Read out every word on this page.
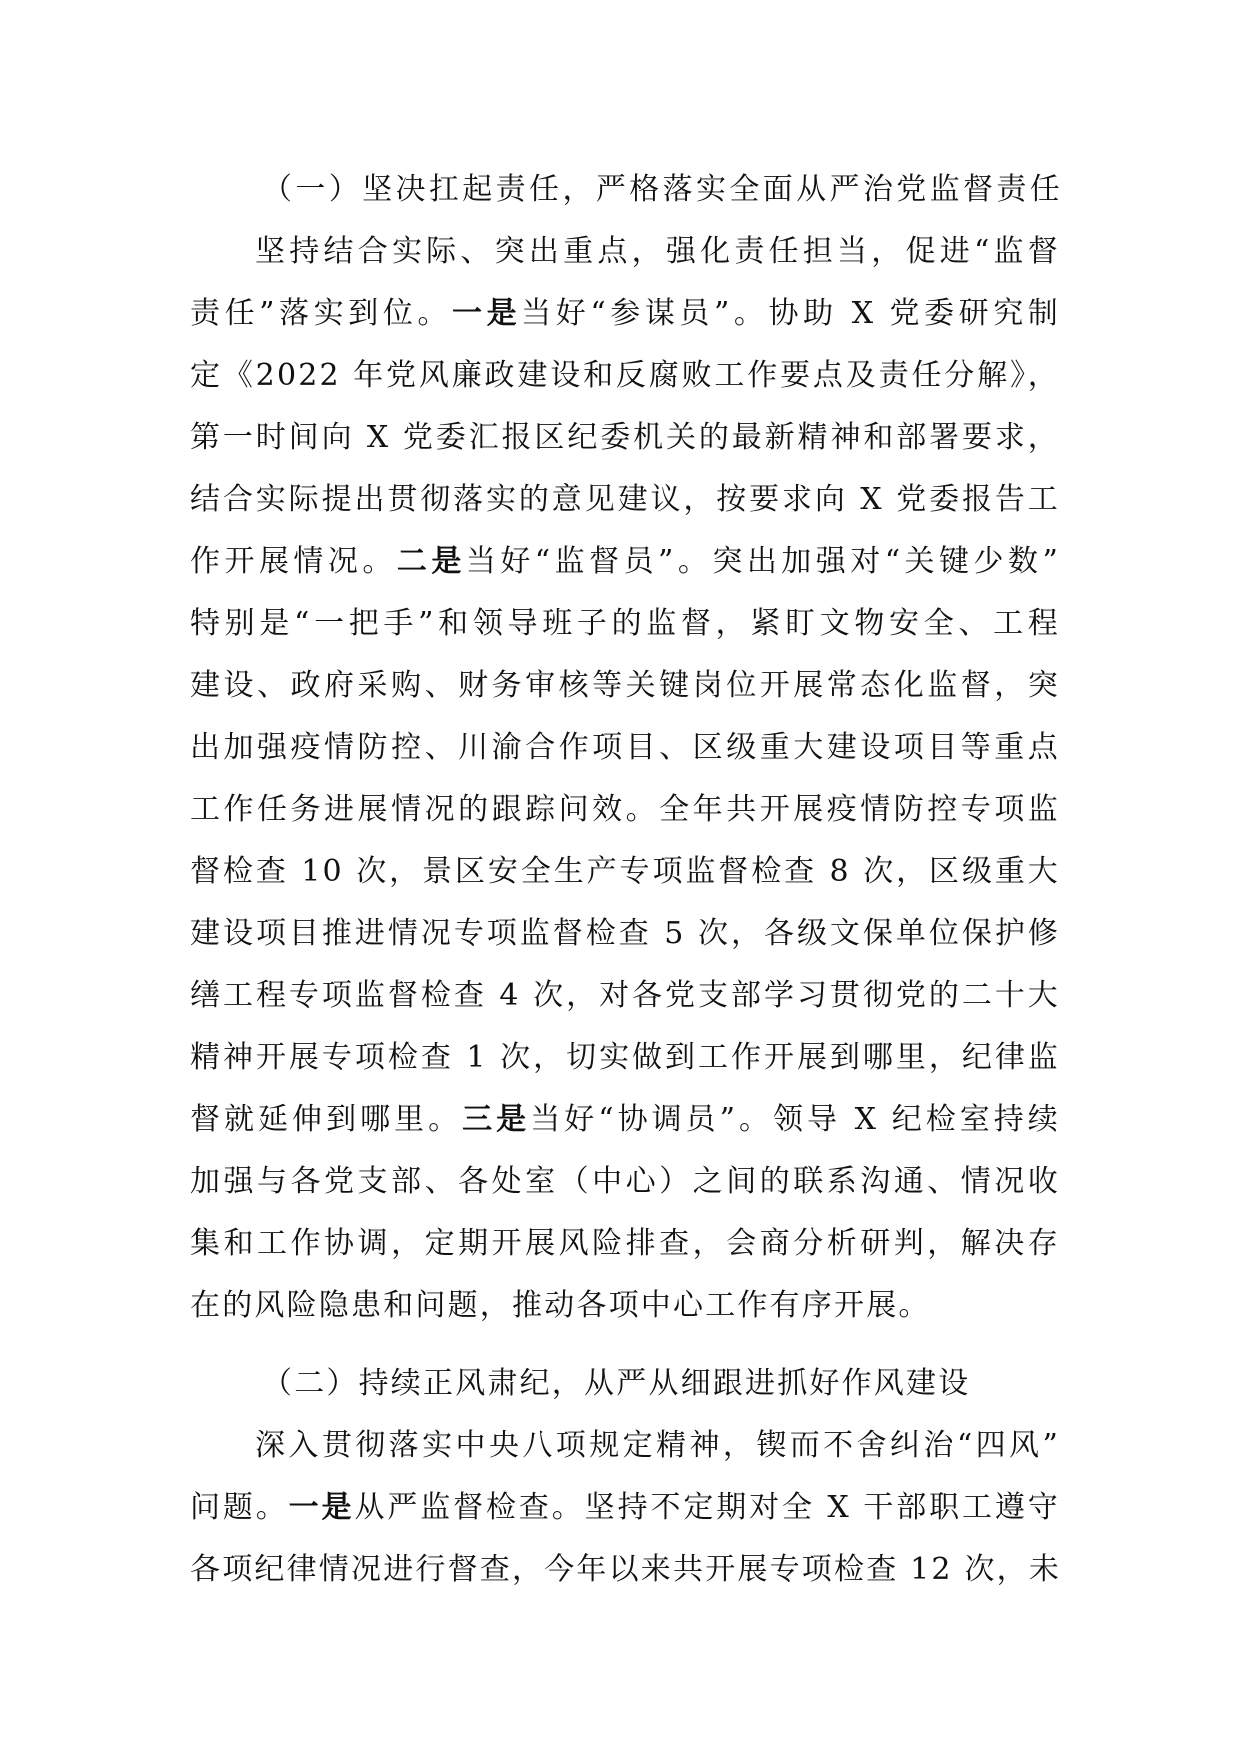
（一）坚决扛起责任，严格落实全面从严治党监督责任
坚持结合实际、突出重点，强化责任担当，促进“监督
责任”落实到位。一是当好“参谋员”。协助 X 党委研究制
定《2022 年党风廉政建设和反腐败工作要点及责任分解》，
第一时间向 X 党委汇报区纪委机关的最新精神和部署要求，
结合实际提出贯彻落实的意见建议，按要求向 X 党委报告工
作开展情况。二是当好“监督员”。突出加强对“关键少数”
特别是“一把手”和领导班子的监督，紧盯文物安全、工程
建设、政府采购、财务审核等关键岗位开展常态化监督，突
出加强疫情防控、川渝合作项目、区级重大建设项目等重点
工作任务进展情况的跟踪问效。全年共开展疫情防控专项监
督检查 10 次，景区安全生产专项监督检查 8 次，区级重大
建设项目推进情况专项监督检查 5 次，各级文保单位保护修
缮工程专项监督检查 4 次，对各党支部学习贯彻党的二十大
精神开展专项检查 1 次，切实做到工作开展到哪里，纪律监
督就延伸到哪里。三是当好“协调员”。领导 X 纪检室持续
加强与各党支部、各处室（中心）之间的联系沟通、情况收
集和工作协调，定期开展风险排查，会商分析研判，解决存
在的风险隐患和问题，推动各项中心工作有序开展。
（二）持续正风肃纪，从严从细跟进抓好作风建设
深入贯彻落实中央八项规定精神，锲而不舍纠治“四风”
问题。一是从严监督检查。坚持不定期对全 X 干部职工遵守
各项纪律情况进行督查，今年以来共开展专项检查 12 次，未
